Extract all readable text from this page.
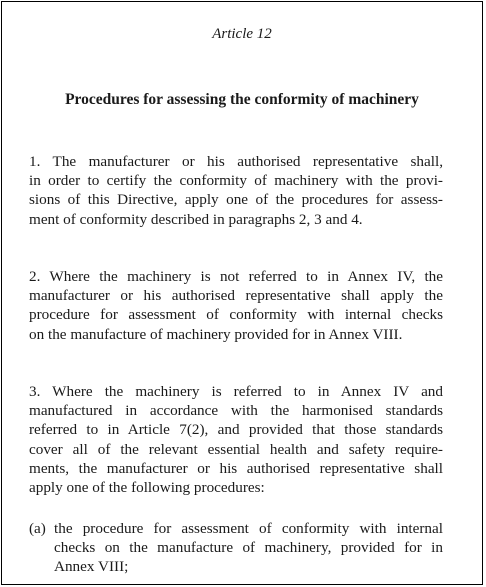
Article 12

Procedures for assessing the conformity of machinery

1. The manufacturer or his authorised representative shall,
in order to certify the conformity of machinery with the provi-
sions of this Directive, apply one of the procedures for assess-
ment of conformity described in paragraphs 2, 3 and 4.
2. Where the machinery is not referred to in Annex IV, the
manufacturer or his authorised representative shall apply the
procedure for assessment of conformity with internal checks
on the manufacture of machinery provided for in Annex VIII.
3. Where the machinery is referred to in Annex IV and
manufactured in accordance with the harmonised standards
referred to in Article 7(2), and provided that those standards
cover all of the relevant essential health and safety require-
ments, the manufacturer or his authorised representative shall
apply one of the following procedures:
(a) the procedure for assessment of conformity with internal
checks on the manufacture of machinery, provided for in
Annex VIII;
